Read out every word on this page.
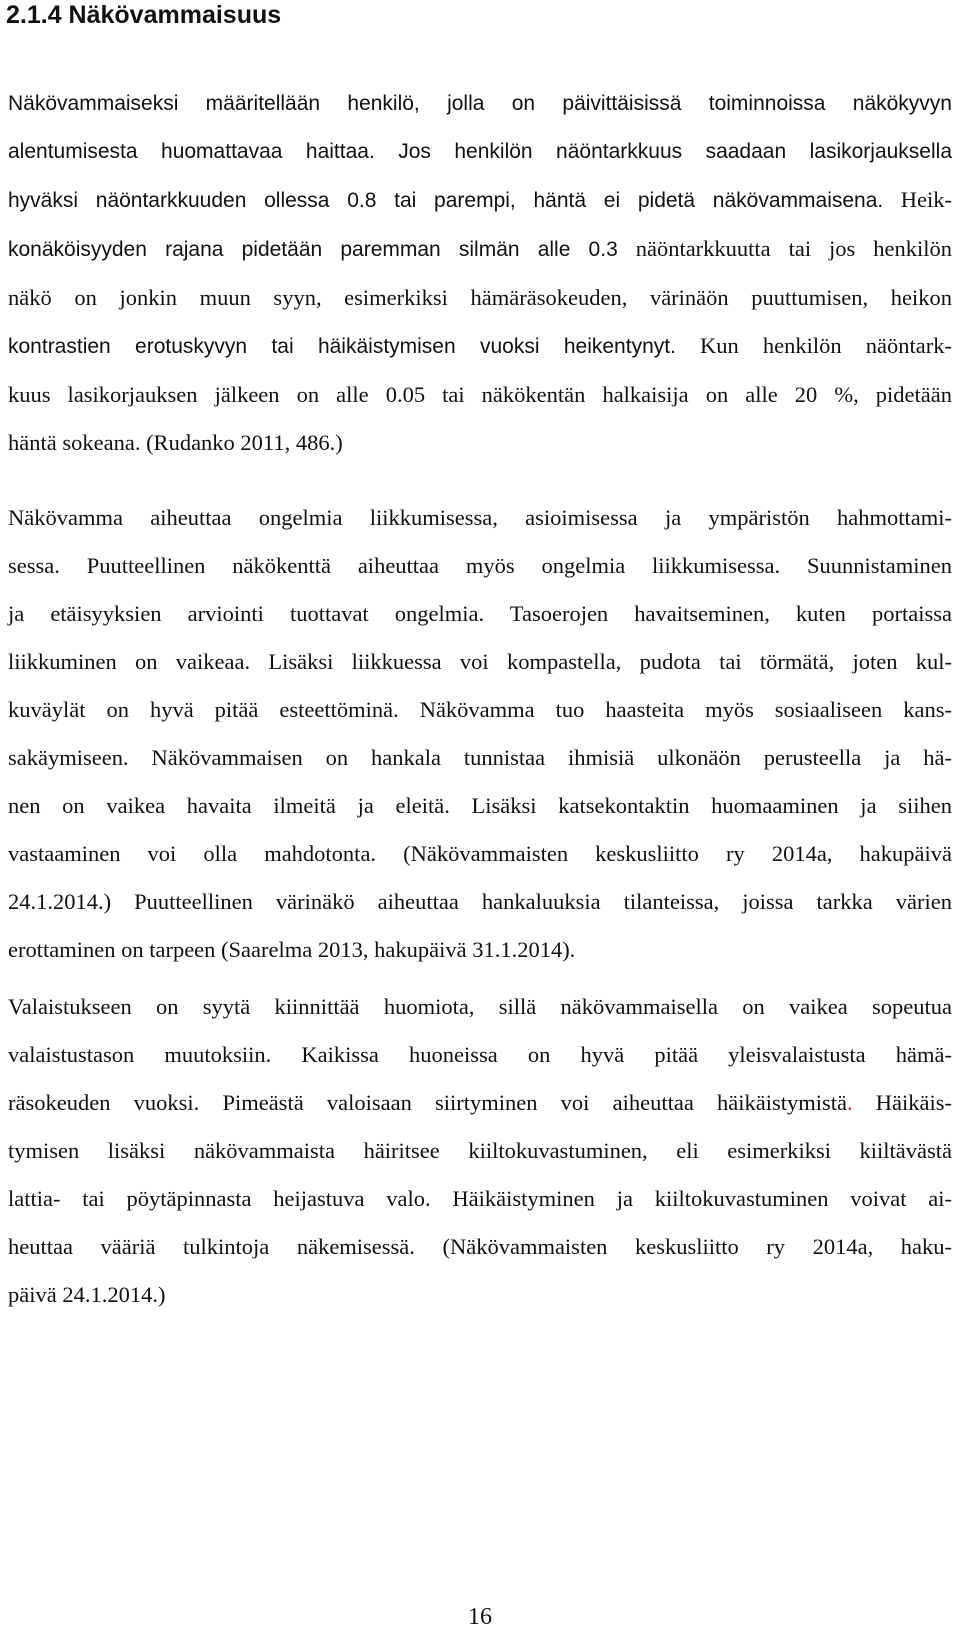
2.1.4 Näkövammaisuus
Näkövammaiseksi määritellään henkilö, jolla on päivittäisissä toiminnoissa näkökyvyn
alentumisesta huomattavaa haittaa. Jos henkilön näöntarkkuus saadaan lasikorjauksella
hyväksi näöntarkkuuden ollessa 0.8 tai parempi, häntä ei pidetä näkövammaisena. Heik-
konäköisyyden rajana pidetään paremman silmän alle 0.3 näöntarkkuutta tai jos henkilön
näkö on jonkin muun syyn, esimerkiksi hämäräsokeuden, värinäön puuttumisen, heikon
kontrastien erotuskyvyn tai häikäistymisen vuoksi heikentynyt. Kun henkilön näöntark-
kuus lasikorjauksen jälkeen on alle 0.05 tai näkökentän halkaisija on alle 20 %, pidetään
häntä sokeana. (Rudanko 2011, 486.)
Näkövamma aiheuttaa ongelmia liikkumisessa, asioimisessa ja ympäristön hahmottami-
sessa. Puutteellinen näkökenttä aiheuttaa myös ongelmia liikkumisessa. Suunnistaminen
ja etäisyyksien arviointi tuottavat ongelmia. Tasoerojen havaitseminen, kuten portaissa
liikkuminen on vaikeaa. Lisäksi liikkuessa voi kompastella, pudota tai törmätä, joten kul-
kuväylät on hyvä pitää esteettöminä. Näkövamma tuo haasteita myös sosiaaliseen kans-
sakäymiseen. Näkövammaisen on hankala tunnistaa ihmisiä ulkonäön perusteella ja hä-
nen on vaikea havaita ilmeitä ja eleitä. Lisäksi katsekontaktin huomaaminen ja siihen
vastaaminen voi olla mahdotonta. (Näkövammaisten keskusliitto ry 2014a, hakupäivä
24.1.2014.) Puutteellinen värinäkö aiheuttaa hankaluuksia tilanteissa, joissa tarkka värien
erottaminen on tarpeen (Saarelma 2013, hakupäivä 31.1.2014).
Valaistukseen on syytä kiinnittää huomiota, sillä näkövammaisella on vaikea sopeutua
valaistustason muutoksiin. Kaikissa huoneissa on hyvä pitää yleisvalaistusta hämä-
räsokeuden vuoksi. Pimeästä valoisaan siirtyminen voi aiheuttaa häikäistymistä. Häikäis-
tymisen lisäksi näkövammaista häiritsee kiiltokuvastuminen, eli esimerkiksi kiiltävästä
lattia- tai pöytäpinnasta heijastuva valo. Häikäistyminen ja kiiltokuvastuminen voivat ai-
heuttaa vääriä tulkintoja näkemisessä. (Näkövammaisten keskusliitto ry 2014a, haku-
päivä 24.1.2014.)
16
